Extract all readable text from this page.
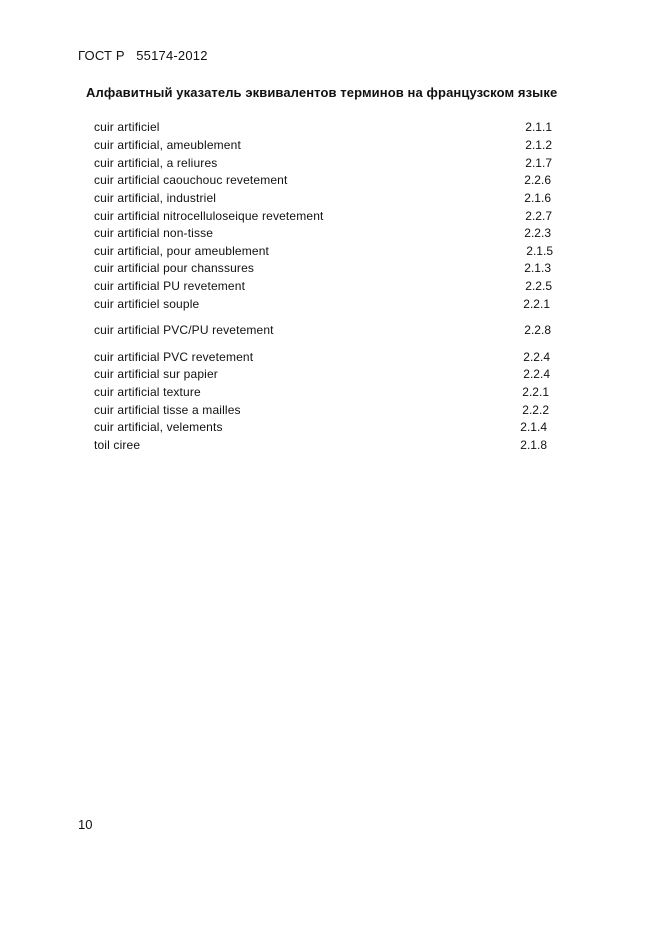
ГОСТ Р   55174-2012
Алфавитный указатель эквивалентов терминов на французском языке
cuir artificiel	2.1.1
cuir artificial, ameublement	2.1.2
cuir artificial, a reliures	2.1.7
cuir artificial caouchouc revetement	2.2.6
cuir artificial, industriel	2.1.6
cuir artificial nitrocelluloseique revetement	2.2.7
cuir artificial non-tisse	2.2.3
cuir artificial, pour ameublement	2.1.5
cuir artificial pour chanssures	2.1.3
cuir artificial PU revetement	2.2.5
cuir artificiel souple	2.2.1
cuir artificial PVC/PU revetement	2.2.8
cuir artificial PVC revetement	2.2.4
cuir artificial sur papier	2.2.4
cuir artificial texture	2.2.1
cuir artificial tisse a mailles	2.2.2
cuir artificial, velements	2.1.4
toil ciree	2.1.8
10
